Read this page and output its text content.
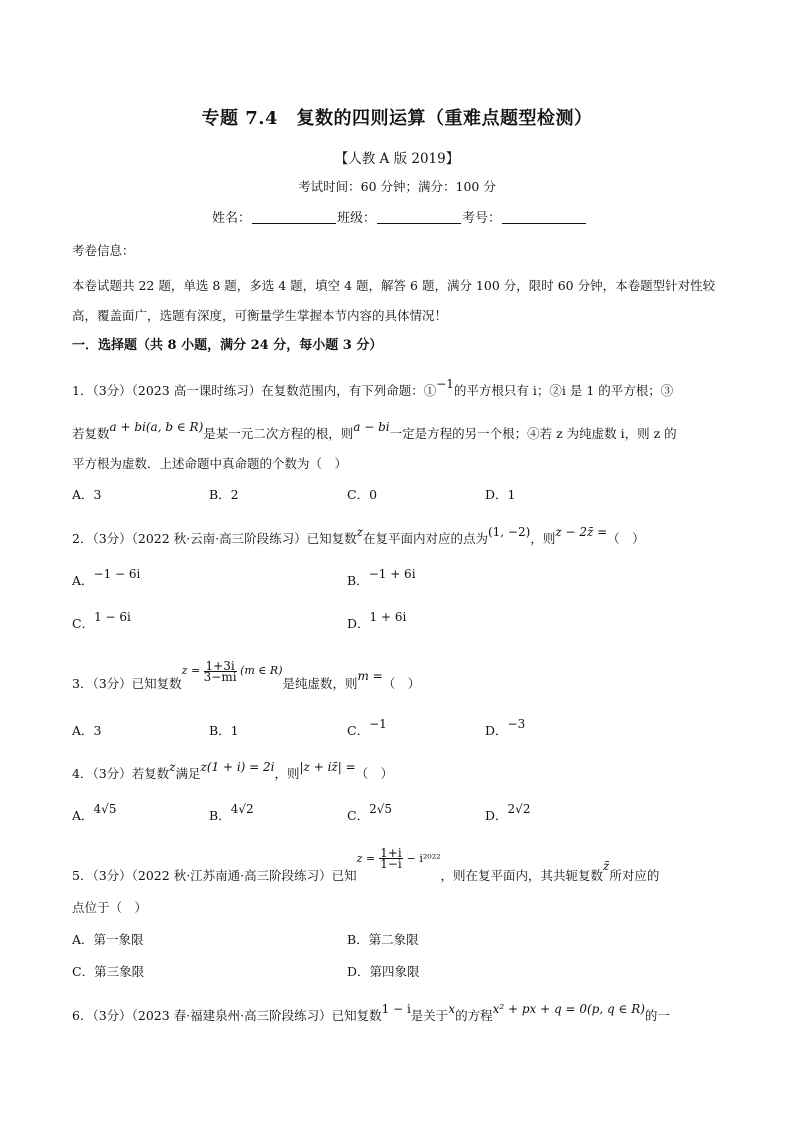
专题 7.4　复数的四则运算（重难点题型检测）
【人教 A 版 2019】
考试时间：60 分钟；满分：100 分
姓名：	班级：	考号：
考卷信息：
本卷试题共 22 题，单选 8 题，多选 4 题，填空 4 题，解答 6 题，满分 100 分，限时 60 分钟，本卷题型针对性较高，覆盖面广，选题有深度，可衡量学生掌握本节内容的具体情况！
一．选择题（共 8 小题，满分 24 分，每小题 3 分）
1．（3分）（2023 高一课时练习）在复数范围内，有下列命题：①−1的平方根只有 i；②i 是 1 的平方根；③
若复数a + bi(a, b ∈ R)是某一元二次方程的根，则a − bi一定是方程的另一个根；④若 z 为纯虚数 i，则 z 的
平方根为虚数．上述命题中真命题的个数为（　）
A．3	B．2	C．0	D．1
2．（3分）（2022 秋·云南·高三阶段练习）已知复数z在复平面内对应的点为(1, −2)，则z − 2z̄ =（　）
A．−1 − 6i	B．−1 + 6i
C．1 − 6i	D．1 + 6i
3．（3分）已知复数$z = \frac{1+3i}{3-mi} (m$ ∈ R)是纯虚数，则m =（　）
A．3	B．1	C．−1	D．−3
4．（3分）若复数z满足z(1 + i) = 2i，则|z + iz̄| =（　）
A．4√5	B．4√2	C．2√5	D．2√2
5．（3分）（2022 秋·江苏南通·高三阶段练习）已知$z = \frac{1+i}{1-i} - i^{2022}$，则在复平面内，其共轭复数z̄所对应的
点位于（　）
A．第一象限	B．第二象限
C．第三象限	D．第四象限
6．（3分）（2023 春·福建泉州·高三阶段练习）已知复数1 − i是关于x的方程x² + px + q = 0(p, q ∈ R)的一
